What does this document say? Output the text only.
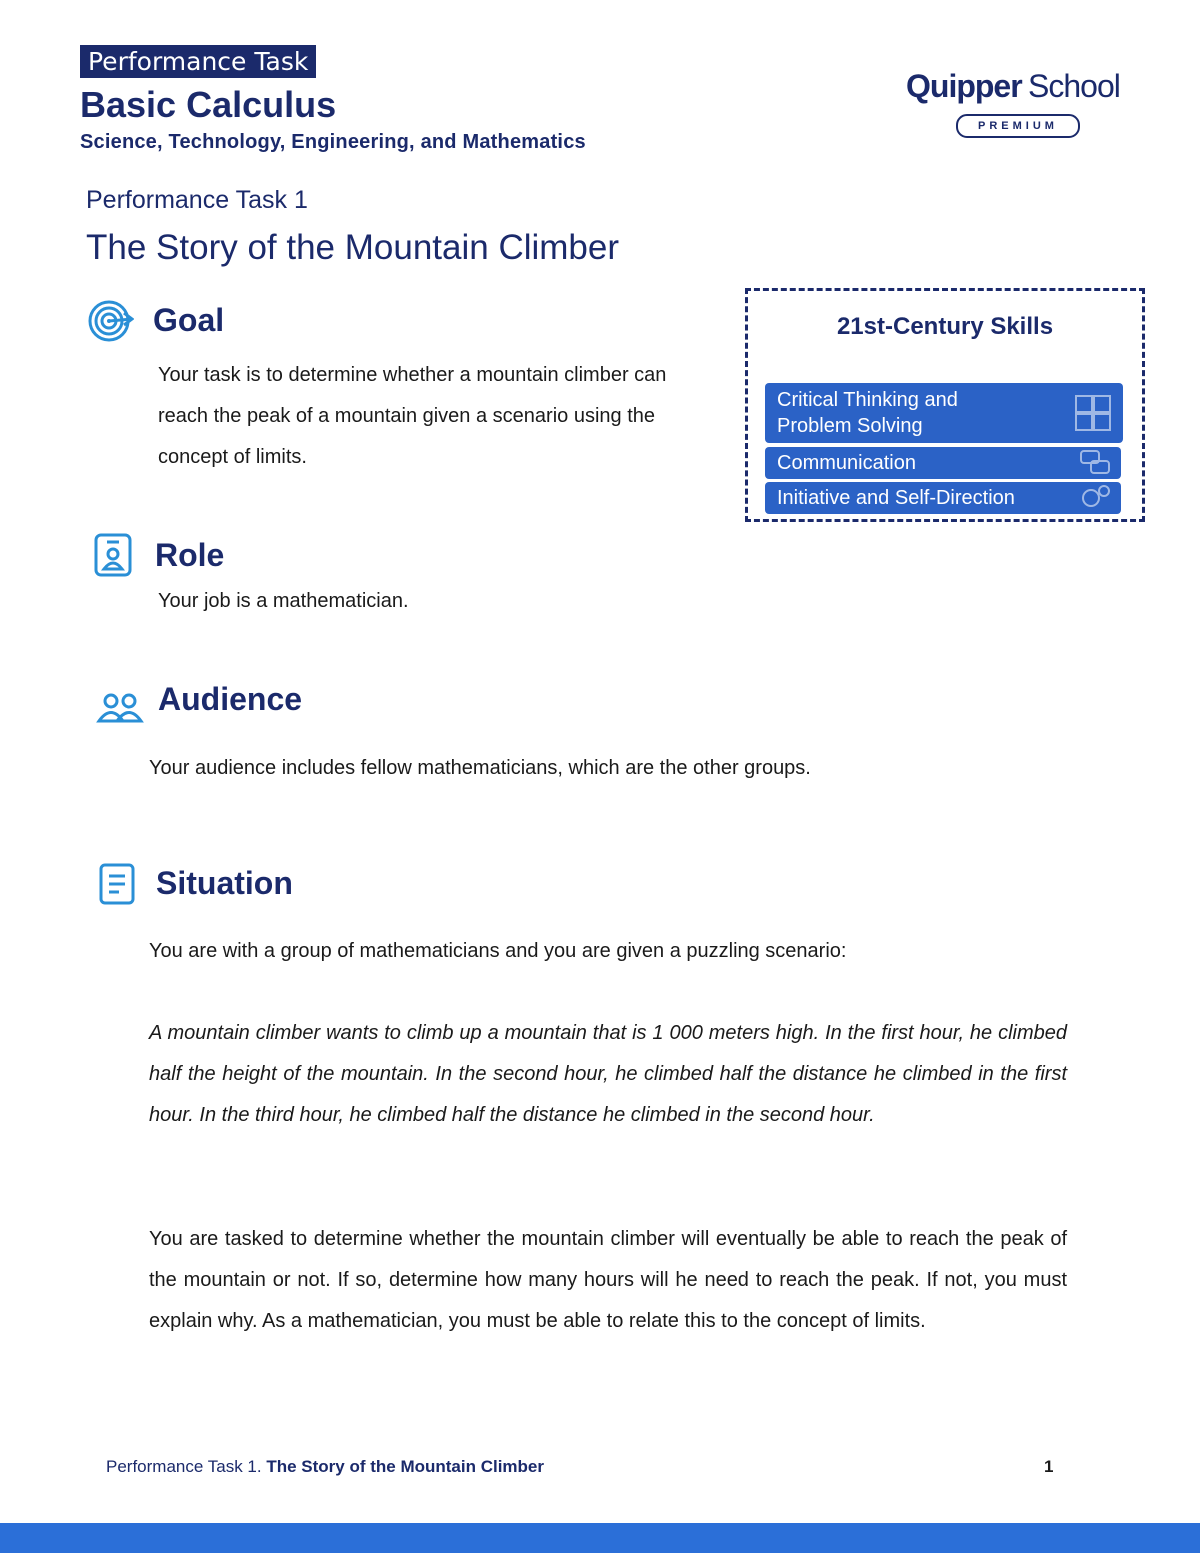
Performance Task
Basic Calculus
Science, Technology, Engineering, and Mathematics
Quipper School
PREMIUM
Performance Task 1
The Story of the Mountain Climber
Goal
Your task is to determine whether a mountain climber can reach the peak of a mountain given a scenario using the concept of limits.
21st-Century Skills
Critical Thinking and Problem Solving
Communication
Initiative and Self-Direction
Role
Your job is a mathematician.
Audience
Your audience includes fellow mathematicians, which are the other groups.
Situation
You are with a group of mathematicians and you are given a puzzling scenario:
A mountain climber wants to climb up a mountain that is 1 000 meters high. In the first hour, he climbed half the height of the mountain. In the second hour, he climbed half the distance he climbed in the first hour. In the third hour, he climbed half the distance he climbed in the second hour.
You are tasked to determine whether the mountain climber will eventually be able to reach the peak of the mountain or not. If so, determine how many hours will he need to reach the peak. If not, you must explain why. As a mathematician, you must be able to relate this to the concept of limits.
Performance Task 1. The Story of the Mountain Climber	1
